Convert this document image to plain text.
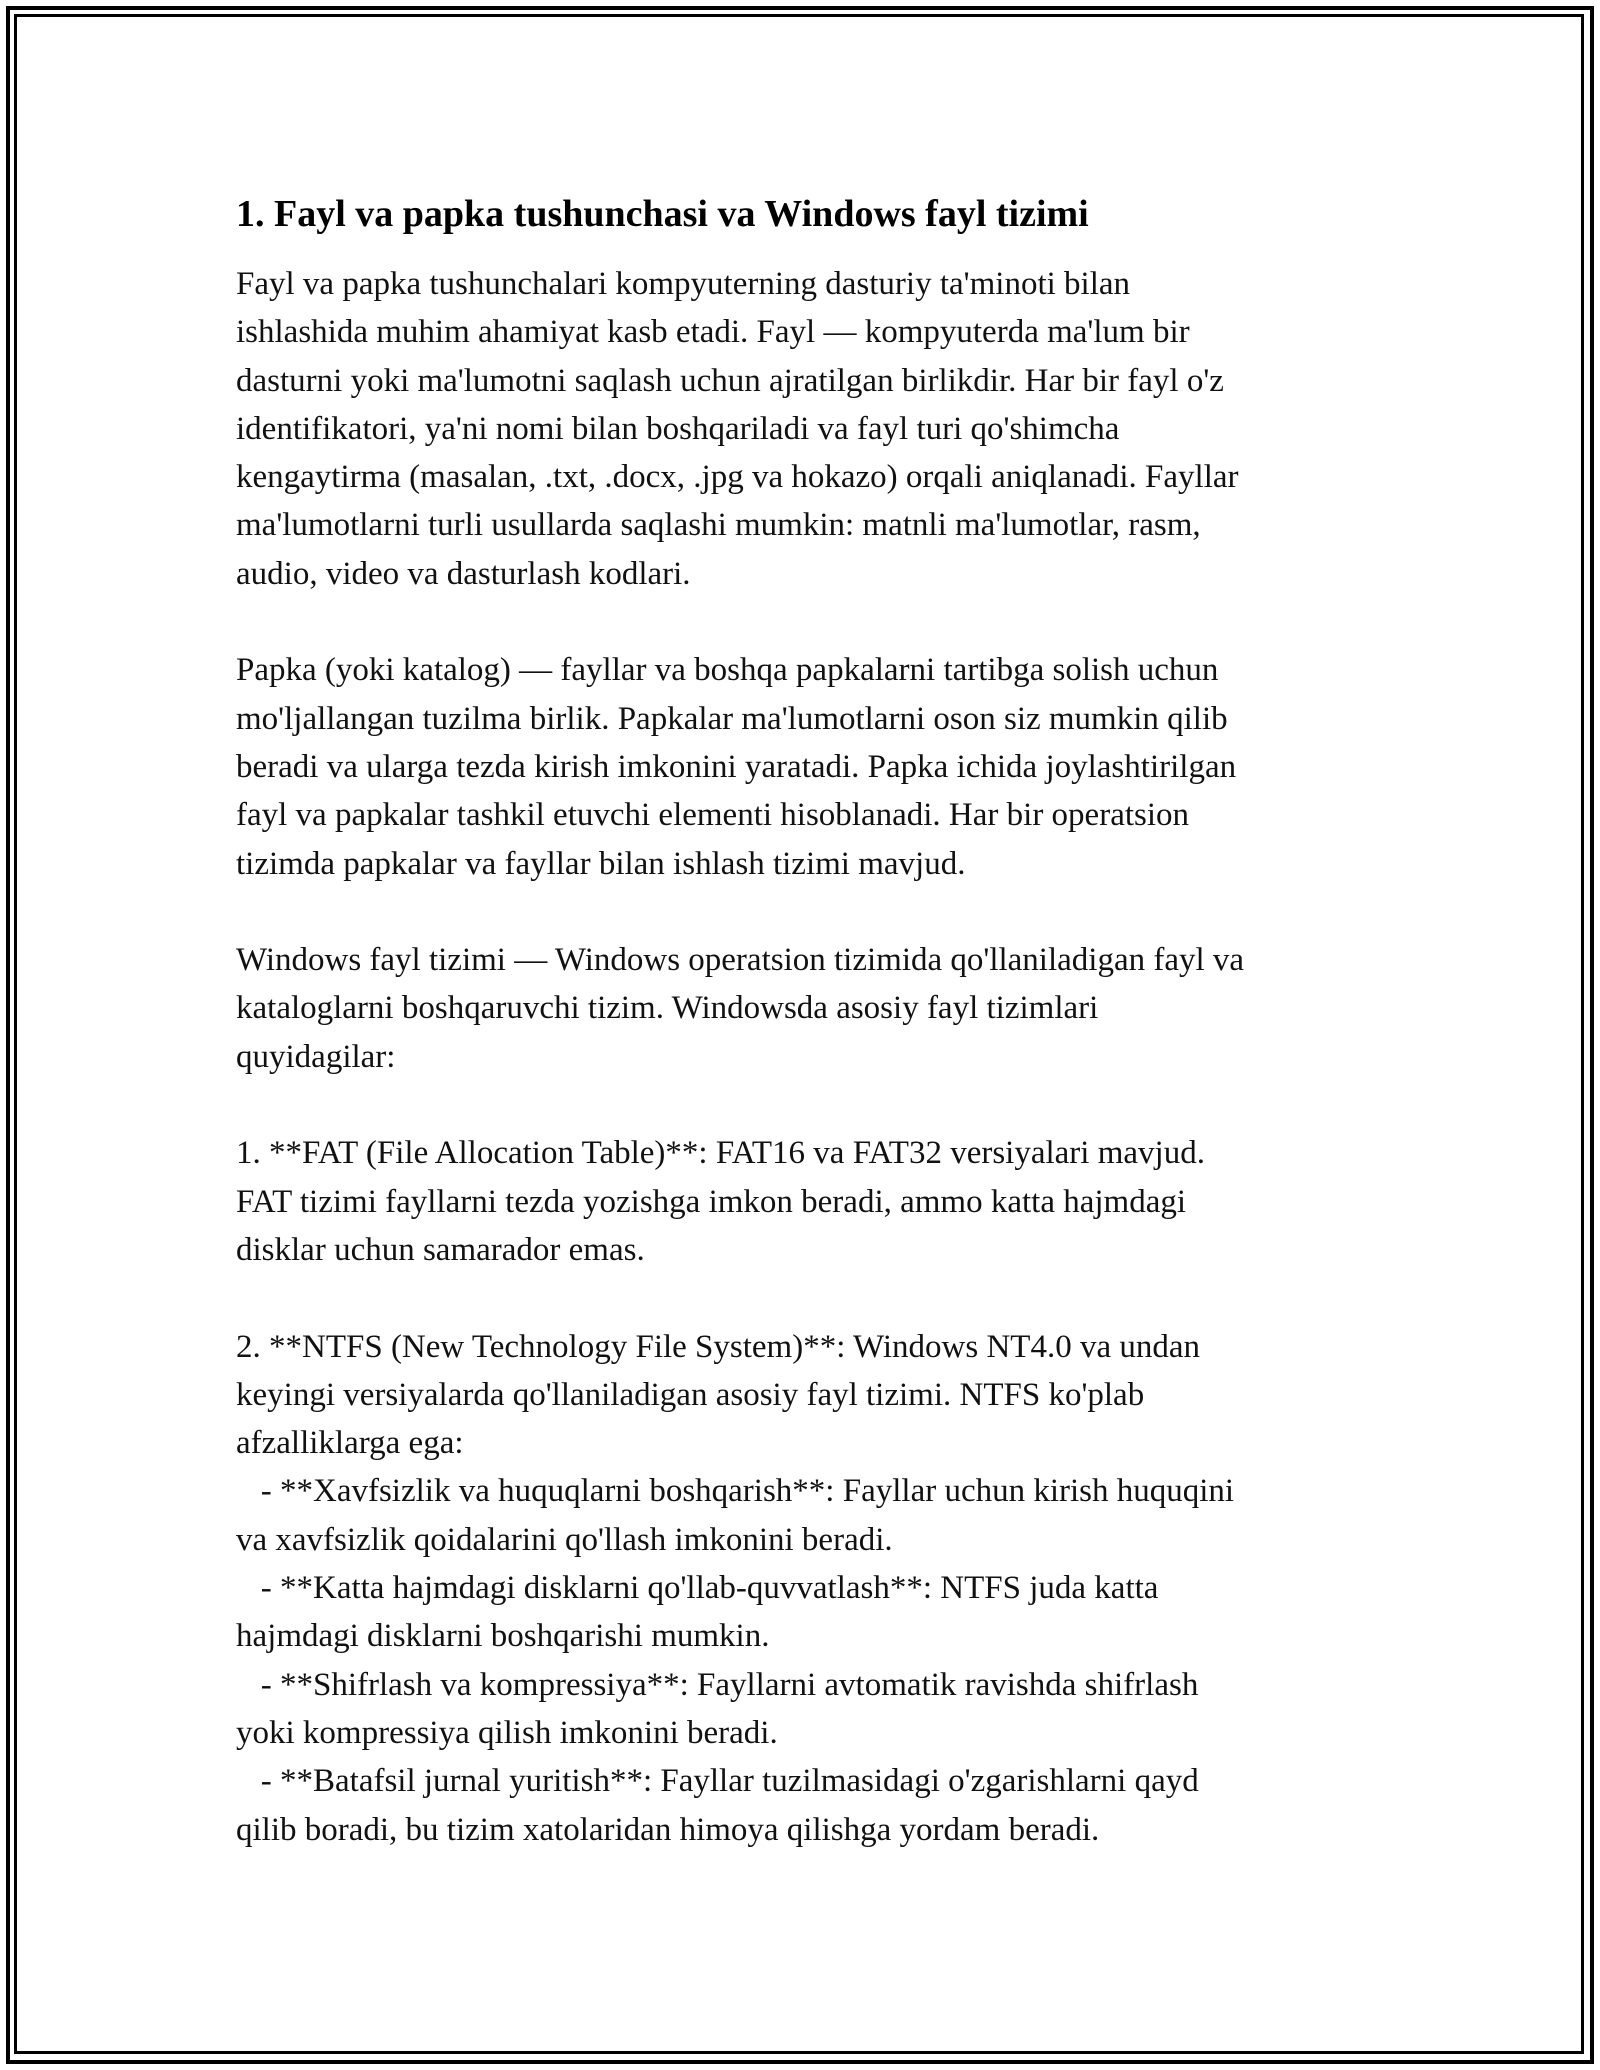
1. Fayl va papka tushunchasi va Windows fayl tizimi
Fayl va papka tushunchalari kompyuterning dasturiy ta'minoti bilan
ishlashida muhim ahamiyat kasb etadi. Fayl — kompyuterda ma'lum bir
dasturni yoki ma'lumotni saqlash uchun ajratilgan birlikdir. Har bir fayl o'z
identifikatori, ya'ni nomi bilan boshqariladi va fayl turi qo'shimcha
kengaytirma (masalan, .txt, .docx, .jpg va hokazo) orqali aniqlanadi. Fayllar
ma'lumotlarni turli usullarda saqlashi mumkin: matnli ma'lumotlar, rasm,
audio, video va dasturlash kodlari.
Papka (yoki katalog) — fayllar va boshqa papkalarni tartibga solish uchun
mo'ljallangan tuzilma birlik. Papkalar ma'lumotlarni oson siz mumkin qilib
beradi va ularga tezda kirish imkonini yaratadi. Papka ichida joylashtirilgan
fayl va papkalar tashkil etuvchi elementi hisoblanadi. Har bir operatsion
tizimda papkalar va fayllar bilan ishlash tizimi mavjud.
Windows fayl tizimi — Windows operatsion tizimida qo'llaniladigan fayl va
kataloglarni boshqaruvchi tizim. Windowsda asosiy fayl tizimlari
quyidagilar:
1. **FAT (File Allocation Table)**: FAT16 va FAT32 versiyalari mavjud.
FAT tizimi fayllarni tezda yozishga imkon beradi, ammo katta hajmdagi
disklar uchun samarador emas.
2. **NTFS (New Technology File System)**: Windows NT4.0 va undan
keyingi versiyalarda qo'llaniladigan asosiy fayl tizimi. NTFS ko'plab
afzalliklarga ega:
- **Xavfsizlik va huquqlarni boshqarish**: Fayllar uchun kirish huquqini
va xavfsizlik qoidalarini qo'llash imkonini beradi.
- **Katta hajmdagi disklarni qo'llab-quvvatlash**: NTFS juda katta
hajmdagi disklarni boshqarishi mumkin.
- **Shifrlash va kompressiya**: Fayllarni avtomatik ravishda shifrlash
yoki kompressiya qilish imkonini beradi.
- **Batafsil jurnal yuritish**: Fayllar tuzilmasidagi o'zgarishlarni qayd
qilib boradi, bu tizim xatolaridan himoya qilishga yordam beradi.
